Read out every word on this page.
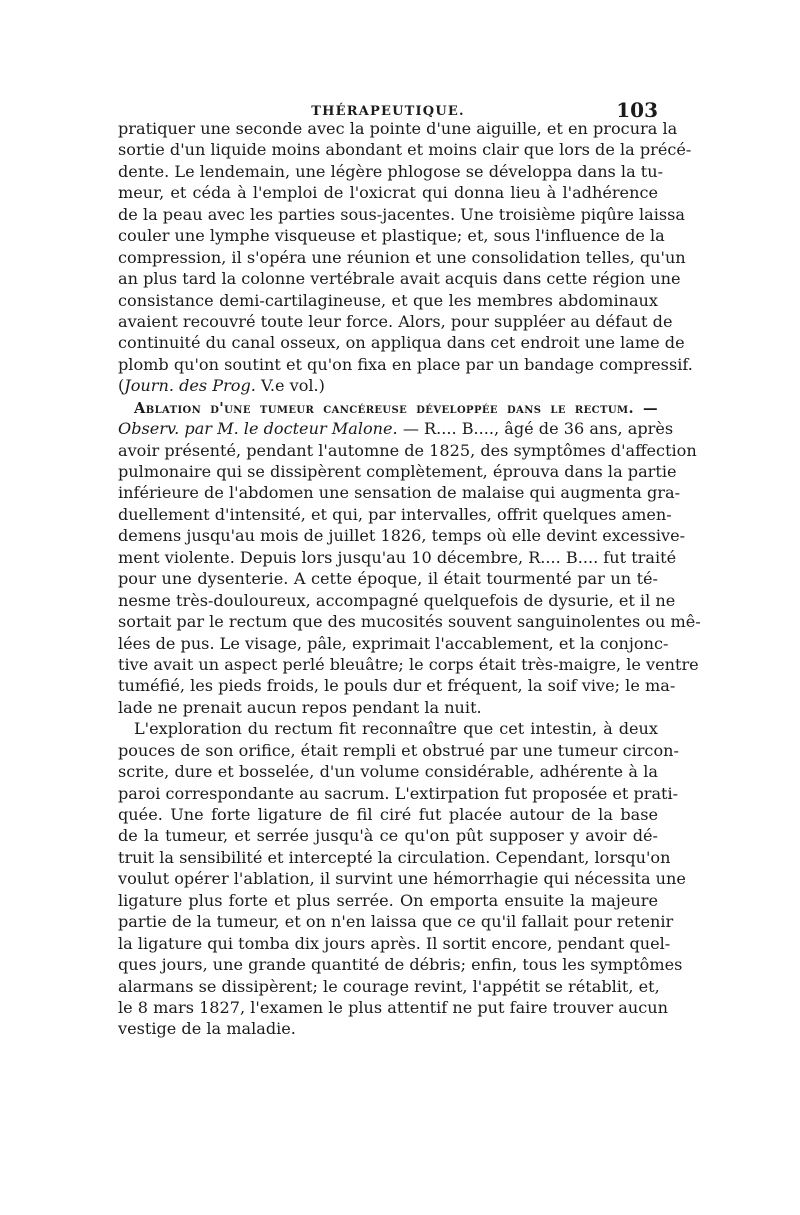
THÉRAPEUTIQUE.	103
pratiquer une seconde avec la pointe d'une aiguille, et en procura la
sortie d'un liquide moins abondant et moins clair que lors de la précé-
dente. Le lendemain, une légère phlogose se développa dans la tu-
meur, et céda à l'emploi de l'oxicrat qui donna lieu à l'adhérence
de la peau avec les parties sous-jacentes. Une troisième piqûre laissa
couler une lymphe visqueuse et plastique; et, sous l'influence de la
compression, il s'opéra une réunion et une consolidation telles, qu'un
an plus tard la colonne vertébrale avait acquis dans cette région une
consistance demi-cartilagineuse, et que les membres abdominaux
avaient recouvré toute leur force. Alors, pour suppléer au défaut de
continuité du canal osseux, on appliqua dans cet endroit une lame de
plomb qu'on soutint et qu'on fixa en place par un bandage compressif.
(Journ. des Prog. V.e vol.)
Ablation d'une tumeur cancéreuse développée dans le rectum. —
Observ. par M. le docteur Malone. — R.... B...., âgé de 36 ans, après
avoir présenté, pendant l'automne de 1825, des symptômes d'affection
pulmonaire qui se dissipèrent complètement, éprouva dans la partie
inférieure de l'abdomen une sensation de malaise qui augmenta gra-
duellement d'intensité, et qui, par intervalles, offrit quelques amen-
demens jusqu'au mois de juillet 1826, temps où elle devint excessive-
ment violente. Depuis lors jusqu'au 10 décembre, R.... B.... fut traité
pour une dysenterie. A cette époque, il était tourmenté par un té-
nesme très-douloureux, accompagné quelquefois de dysurie, et il ne
sortait par le rectum que des mucosités souvent sanguinolentes ou mê-
lées de pus. Le visage, pâle, exprimait l'accablement, et la conjonc-
tive avait un aspect perlé bleuâtre; le corps était très-maigre, le ventre
tuméfié, les pieds froids, le pouls dur et fréquent, la soif vive; le ma-
lade ne prenait aucun repos pendant la nuit.
L'exploration du rectum fit reconnaître que cet intestin, à deux
pouces de son orifice, était rempli et obstrué par une tumeur circon-
scrite, dure et bosselée, d'un volume considérable, adhérente à la
paroi correspondante au sacrum. L'extirpation fut proposée et prati-
quée. Une forte ligature de fil ciré fut placée autour de la base
de la tumeur, et serrée jusqu'à ce qu'on pût supposer y avoir dé-
truit la sensibilité et intercepté la circulation. Cependant, lorsqu'on
voulut opérer l'ablation, il survint une hémorrhagie qui nécessita une
ligature plus forte et plus serrée. On emporta ensuite la majeure
partie de la tumeur, et on n'en laissa que ce qu'il fallait pour retenir
la ligature qui tomba dix jours après. Il sortit encore, pendant quel-
ques jours, une grande quantité de débris; enfin, tous les symptômes
alarmans se dissipèrent; le courage revint, l'appétit se rétablit, et,
le 8 mars 1827, l'examen le plus attentif ne put faire trouver aucun
vestige de la maladie.
